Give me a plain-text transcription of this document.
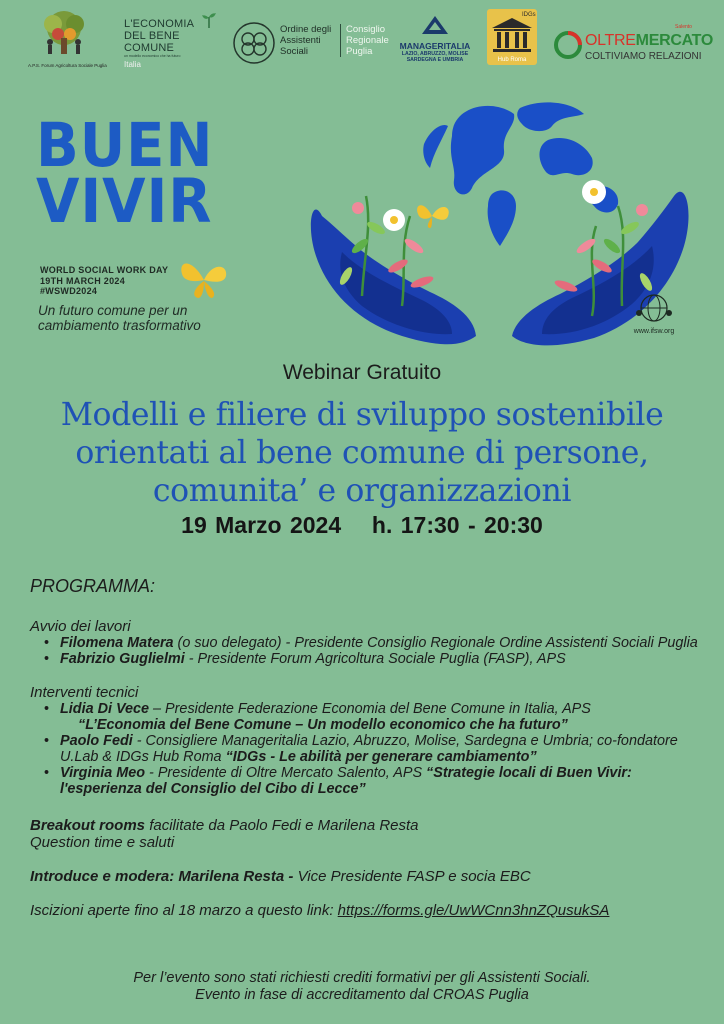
A.P.S. Forum Agricoltura Sociale Puglia
L'ECONOMIA
DEL BENE COMUNE
un modello economico che ha futuro
Italia
Ordine degli Assistenti Sociali
Consiglio Regionale Puglia	MANAGERITALIA
LAZIO, ABRUZZO, MOLISE SARDEGNA E UMBRIA
IDGs
Hub Roma
Salento
OLTREMERCATO
COLTIVIAMO RELAZIONI
BUEN
VIVIR
WORLD SOCIAL WORK DAY
19TH MARCH 2024
#WSWD2024
Un futuro comune per un
cambiamento trasformativo	www.ifsw.org
Webinar Gratuito
Modelli e filiere di sviluppo sostenibile
orientati al bene comune di persone,
comunita’ e organizzazioni
19 Marzo 2024 h. 17:30 - 20:30
PROGRAMMA:
Avvio dei lavori
• Filomena Matera (o suo delegato) - Presidente Consiglio Regionale Ordine Assistenti Sociali Puglia
• Fabrizio Guglielmi - Presidente Forum Agricoltura Sociale Puglia (FASP), APS
Interventi tecnici
• Lidia Di Vece – Presidente Federazione Economia del Bene Comune in Italia, APS
“L’Economia del Bene Comune – Un modello economico che ha futuro”
• Paolo Fedi - Consigliere Manageritalia Lazio, Abruzzo, Molise, Sardegna e Umbria; co-fondatore U.Lab & IDGs Hub Roma “IDGs - Le abilità per generare cambiamento”
• Virginia Meo - Presidente di Oltre Mercato Salento, APS “Strategie locali di Buen Vivir: l'esperienza del Consiglio del Cibo di Lecce”
Breakout rooms facilitate da Paolo Fedi e Marilena Resta
Question time e saluti
Introduce e modera: Marilena Resta - Vice Presidente FASP e socia EBC
Iscizioni aperte fino al 18 marzo a questo link: https://forms.gle/UwWCnn3hnZQusukSA
Per l’evento sono stati richiesti crediti formativi per gli Assistenti Sociali.
Evento in fase di accreditamento dal CROAS Puglia
